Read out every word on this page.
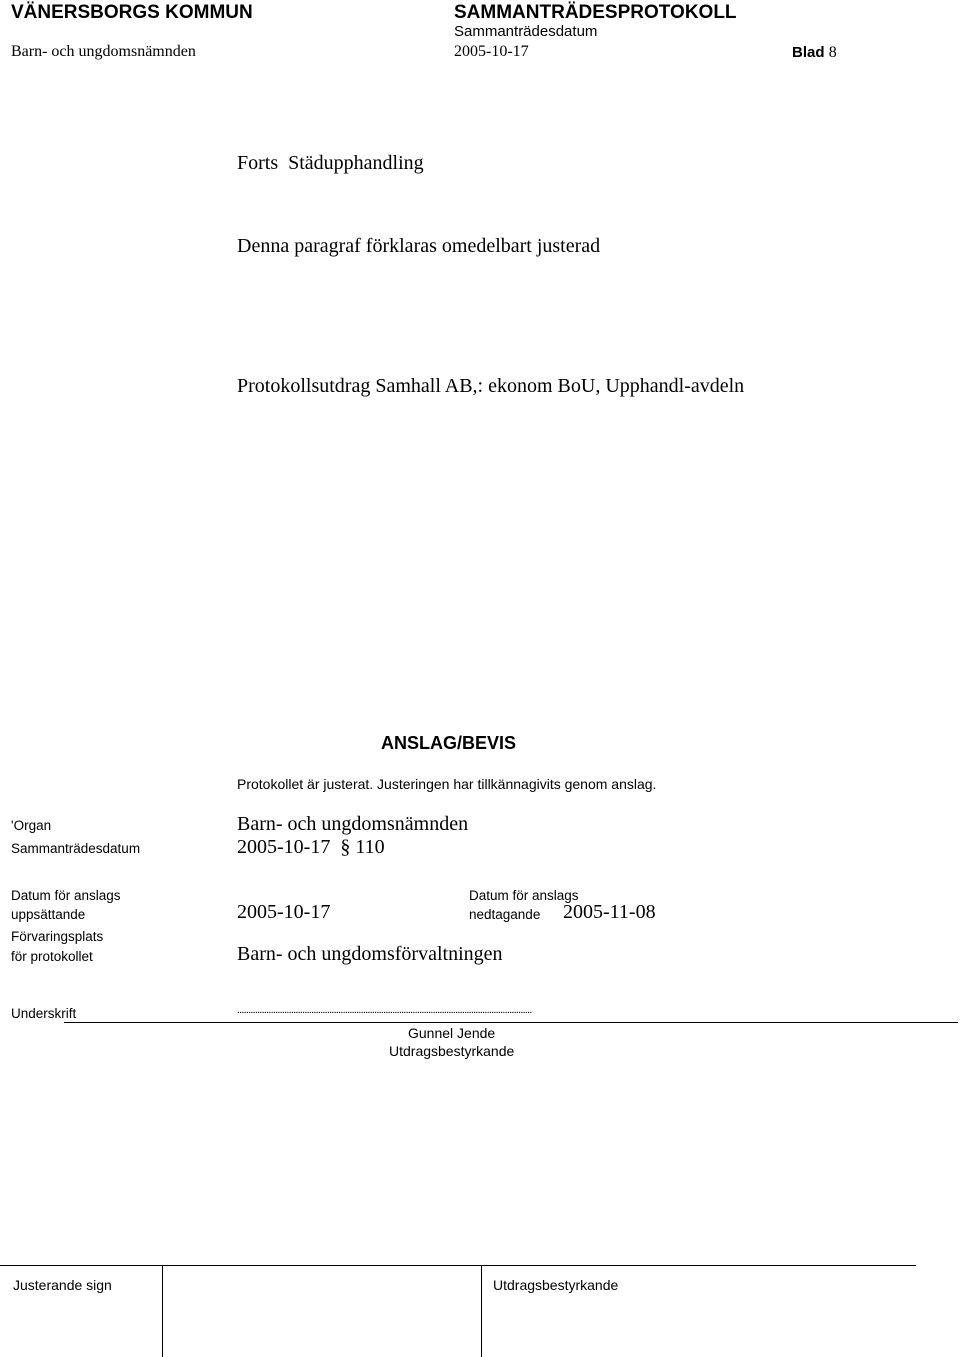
VÄNERSBORGS KOMMUN	SAMMANTRÄDESPROTOKOLL
Sammanträdesdatum
Barn- och ungdomsnämnden	2005-10-17	Blad 8
Forts  Städupphandling
Denna paragraf förklaras omedelbart justerad
Protokollsutdrag Samhall AB,: ekonom BoU, Upphandl-avdeln
ANSLAG/BEVIS
Protokollet är justerat. Justeringen har tillkännagivits genom anslag.
'Organ	Barn- och ungdomsnämnden
Sammanträdesdatum	2005-10-17 § 110
Datum för anslags
uppsättande	2005-10-17
Datum för anslags
nedtagande 2005-11-08
Förvaringsplats
för protokollet	Barn- och ungdomsförvaltningen
Underskrift	...................................................................................................................................
Gunnel Jende
Utdragsbestyrkande
Justerande sign	Utdragsbestyrkande
